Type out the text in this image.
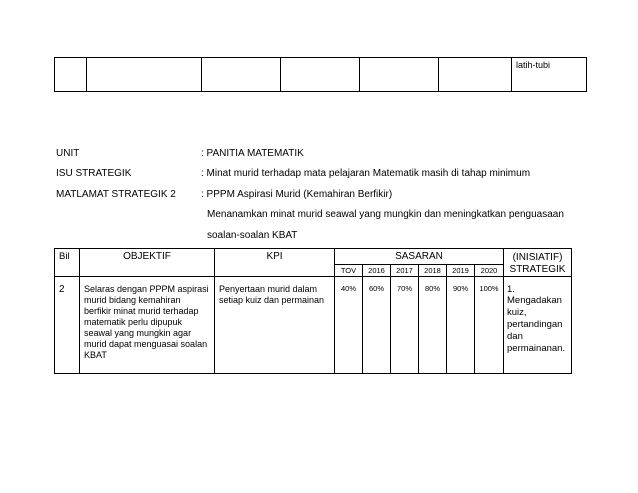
						latih-tubi
UNIT	: PANITIA MATEMATIK
ISU STRATEGIK	: Minat murid terhadap mata pelajaran Matematik masih di tahap minimum
MATLAMAT STRATEGIK 2	: PPPM Aspirasi Murid (Kemahiran Berfikir)
Menanamkan minat murid seawal yang mungkin dan meningkatkan penguasaan
soalan-soalan KBAT
Bil	OBJEKTIF	KPI	SASARAN						(INISIATIF)
STRATEGIK

			TOV	2016	2017	2018	2019	2020	
2	Selaras dengan PPPM aspirasi murid bidang kemahiran berfikir minat murid terhadap matematik perlu dipupuk seawal yang mungkin agar murid dapat menguasai soalan KBAT	Penyertaan murid dalam setiap kuiz dan permainan	40%	60%	70%	80%	90%	100%	1.Mengadakan kuiz, pertandingan dan permainanan.
